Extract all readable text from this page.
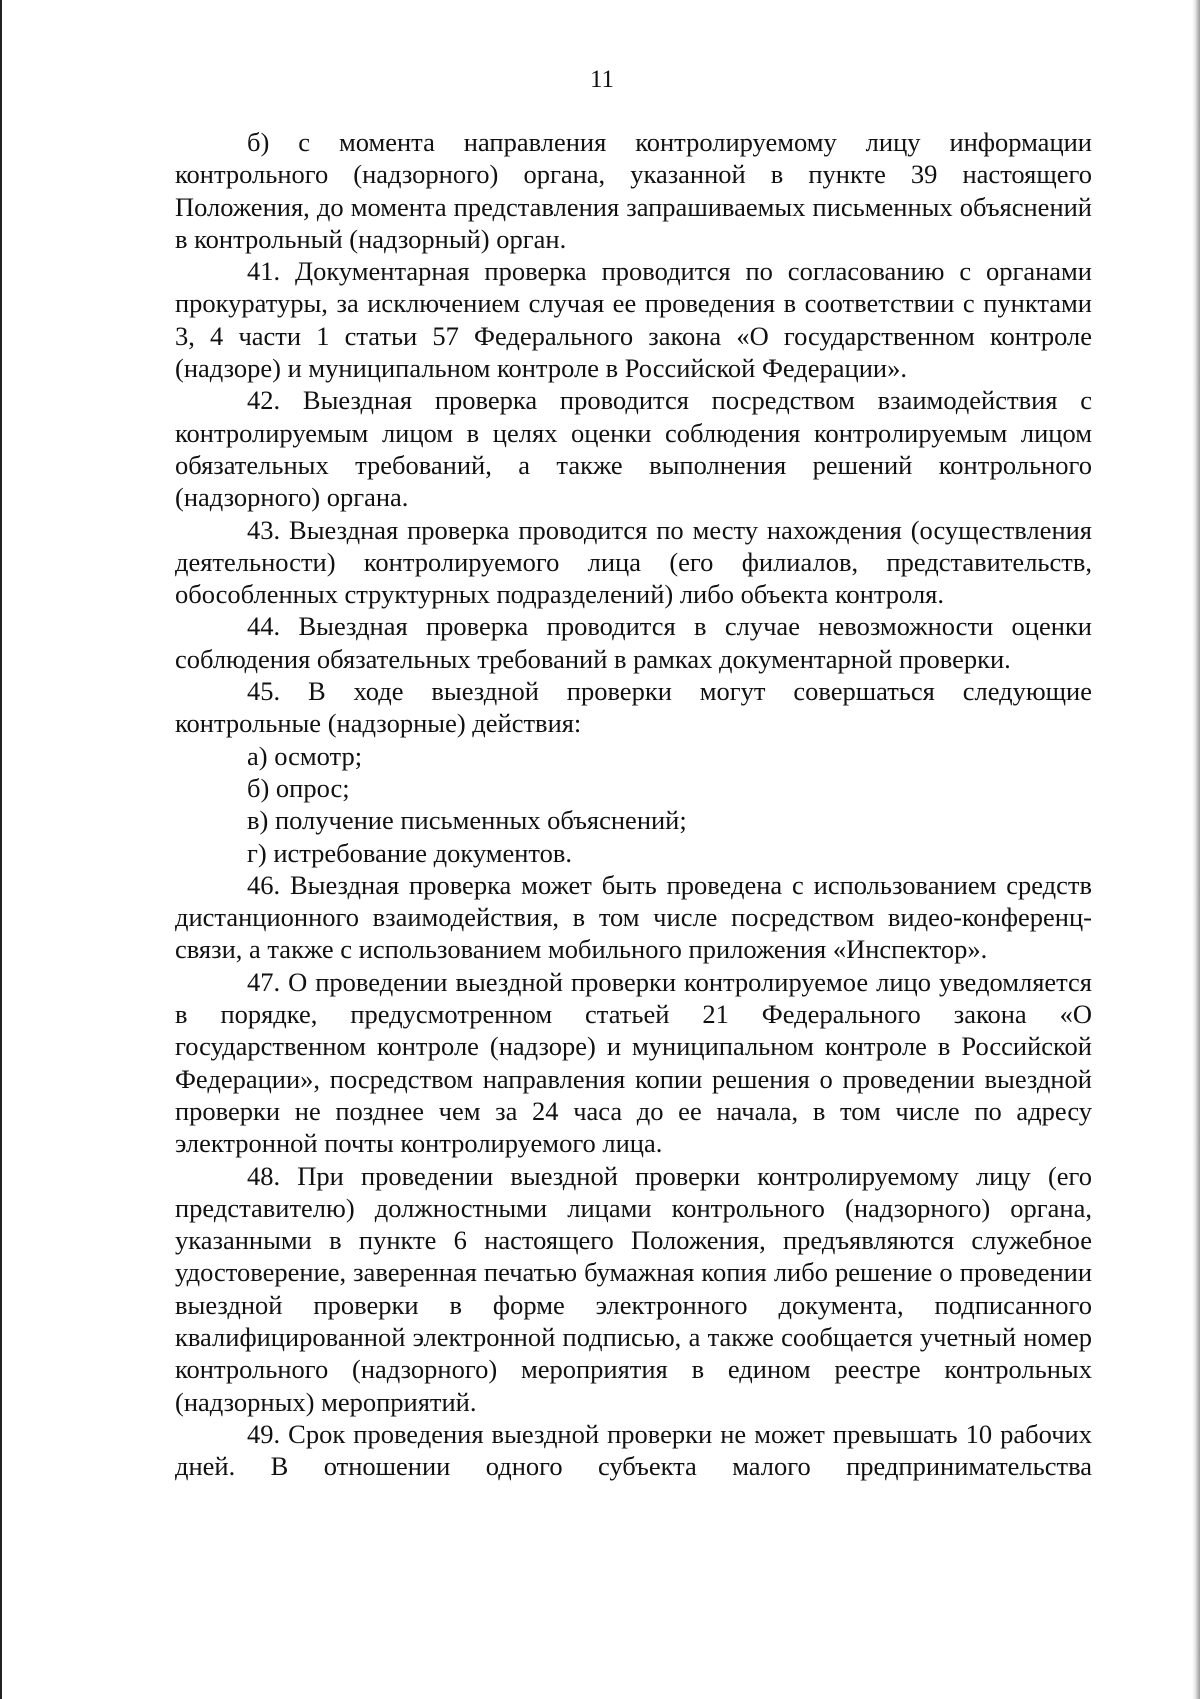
11

б) с момента направления контролируемому лицу информации контрольного (надзорного) органа, указанной в пункте 39 настоящего Положения, до момента представления запрашиваемых письменных объяснений в контрольный (надзорный) орган.

41. Документарная проверка проводится по согласованию с органами прокуратуры, за исключением случая ее проведения в соответствии с пунктами 3, 4 части 1 статьи 57 Федерального закона «О государственном контроле (надзоре) и муниципальном контроле в Российской Федерации».

42. Выездная проверка проводится посредством взаимодействия с контролируемым лицом в целях оценки соблюдения контролируемым лицом обязательных требований, а также выполнения решений контрольного (надзорного) органа.

43. Выездная проверка проводится по месту нахождения (осуществления деятельности) контролируемого лица (его филиалов, представительств, обособленных структурных подразделений) либо объекта контроля.

44. Выездная проверка проводится в случае невозможности оценки соблюдения обязательных требований в рамках документарной проверки.

45. В ходе выездной проверки могут совершаться следующие контрольные (надзорные) действия:

а) осмотр;

б) опрос;

в) получение письменных объяснений;

г) истребование документов.

46. Выездная проверка может быть проведена с использованием средств дистанционного взаимодействия, в том числе посредством видео-конференц-связи, а также с использованием мобильного приложения «Инспектор».

47. О проведении выездной проверки контролируемое лицо уведомляется в порядке, предусмотренном статьей 21 Федерального закона «О государственном контроле (надзоре) и муниципальном контроле в Российской Федерации», посредством направления копии решения о проведении выездной проверки не позднее чем за 24 часа до ее начала, в том числе по адресу электронной почты контролируемого лица.

48. При проведении выездной проверки контролируемому лицу (его представителю) должностными лицами контрольного (надзорного) органа, указанными в пункте 6 настоящего Положения, предъявляются служебное удостоверение, заверенная печатью бумажная копия либо решение о проведении выездной проверки в форме электронного документа, подписанного квалифицированной электронной подписью, а также сообщается учетный номер контрольного (надзорного) мероприятия в едином реестре контрольных (надзорных) мероприятий.

49. Срок проведения выездной проверки не может превышать 10 рабочих дней. В отношении одного субъекта малого предпринимательства
